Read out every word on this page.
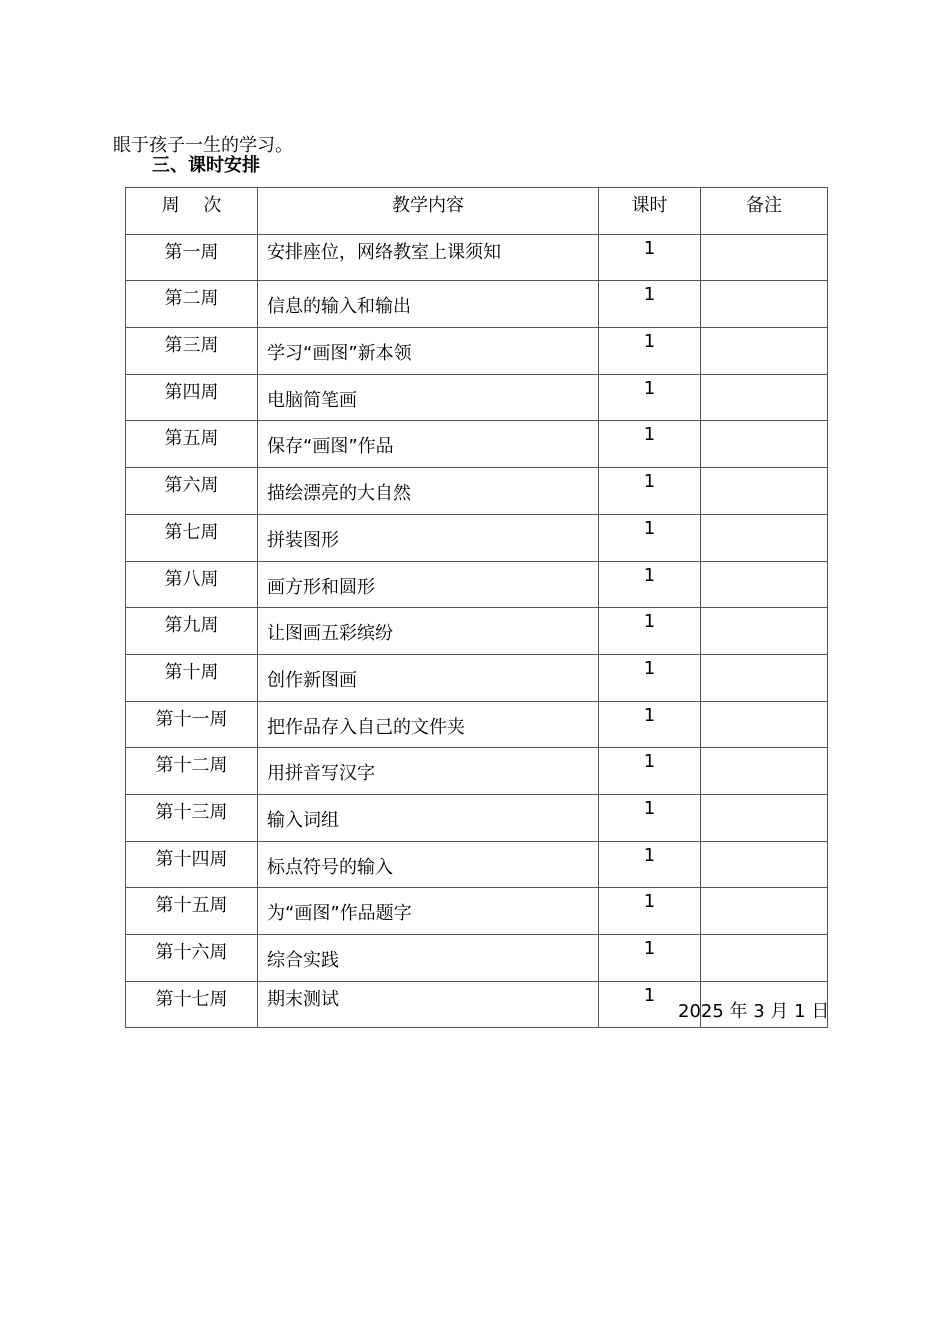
眼于孩子一生的学习。
三、课时安排
周　 次	教学内容	课时	备注
第一周	安排座位，网络教室上课须知	1	
第二周	信息的输入和输出	1	
第三周	学习“画图”新本领	1	
第四周	电脑简笔画	1	
第五周	保存“画图”作品	1	
第六周	描绘漂亮的大自然	1	
第七周	拼装图形	1	
第八周	画方形和圆形	1	
第九周	让图画五彩缤纷	1	
第十周	创作新图画	1	
第十一周	把作品存入自己的文件夹	1	
第十二周	用拼音写汉字	1	
第十三周	输入词组	1	
第十四周	标点符号的输入	1	
第十五周	为“画图”作品题字	1	
第十六周	综合实践	1	
第十七周	期末测试	1	
2025 年 3 月 1 日
